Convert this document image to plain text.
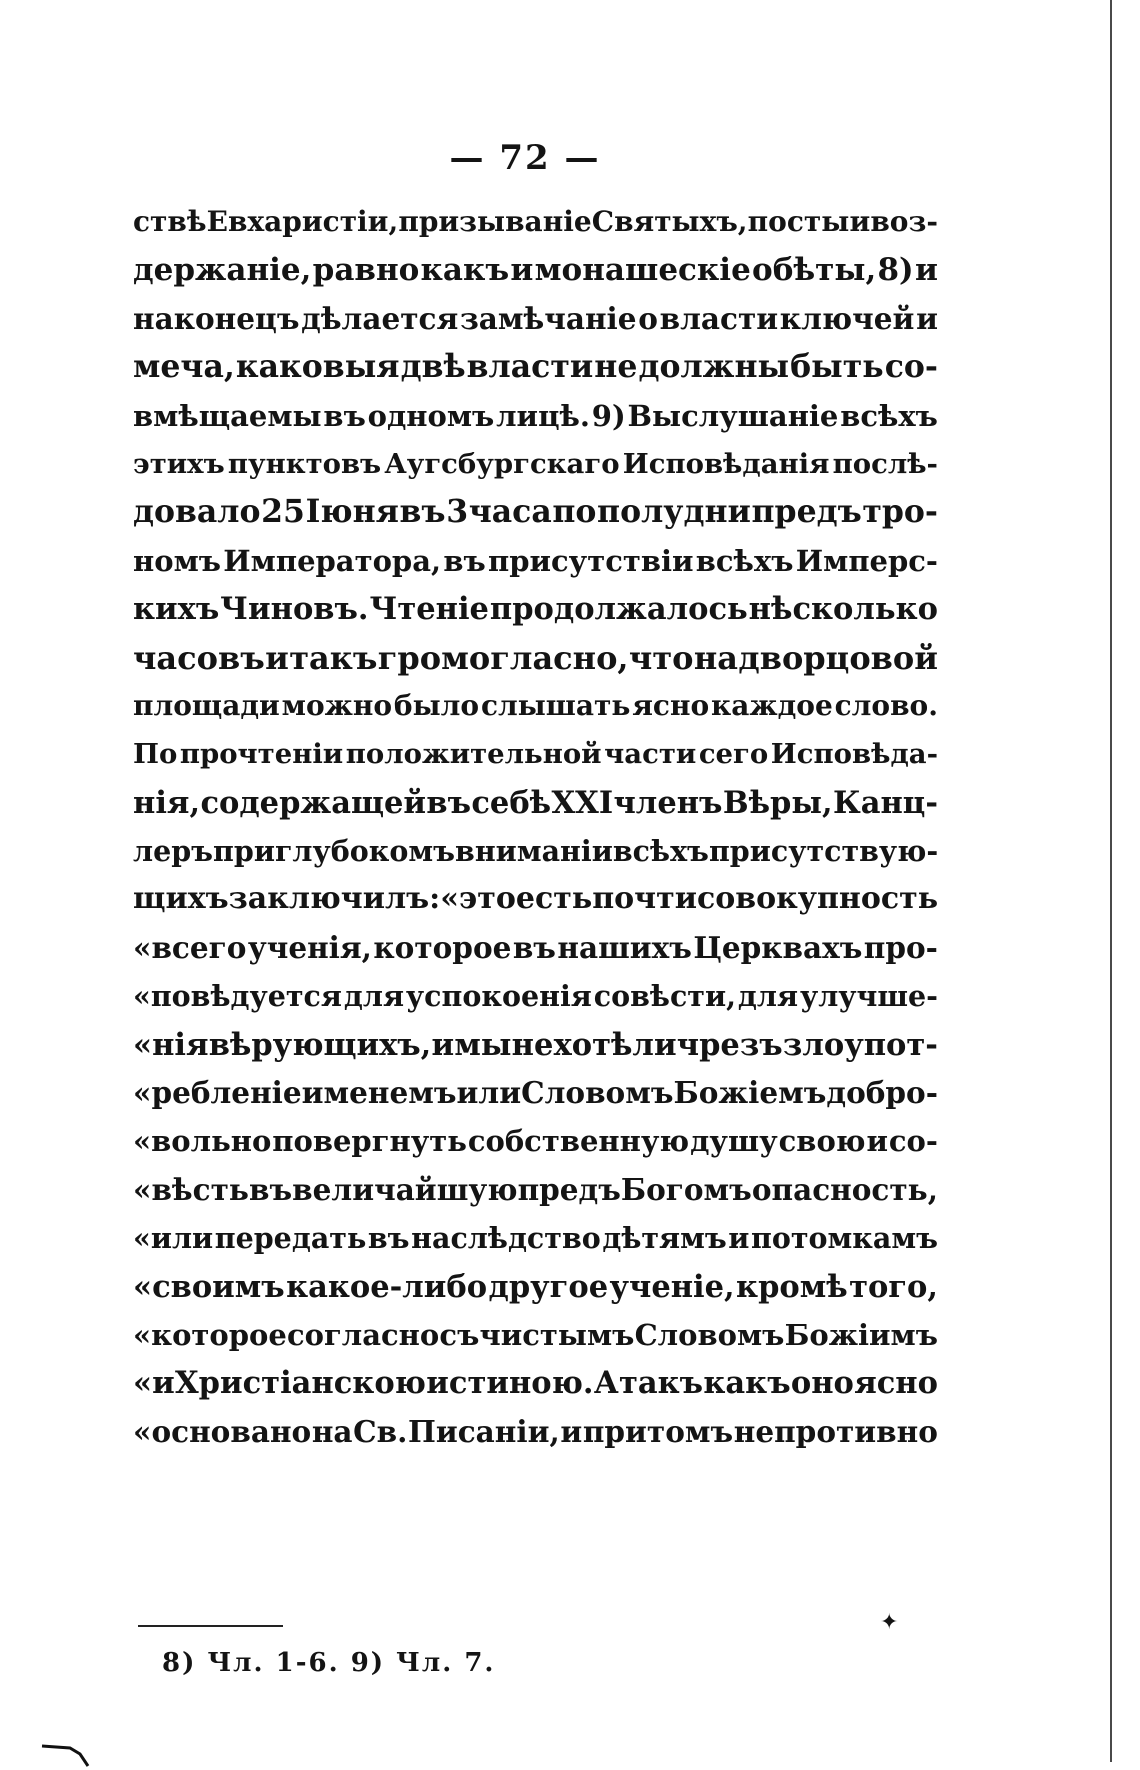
— 72 —
ствѣ Евхаристіи, призываніе Святыхъ, посты и воз-
держаніе, равно какъ и монашескіе обѣты, 8) и
наконецъ дѣлается замѣчаніе о власти ключей и
меча, каковыя двѣ власти не должны быть со-
вмѣщаемы въ одномъ лицѣ. 9) Выслушаніе всѣхъ
этихъ пунктовъ Аугсбургскаго Исповѣданія послѣ-
довало 25 Іюня въ 3 часа по полудни предъ тро-
номъ Императора, въ присутствіи всѣхъ Имперс-
кихъ Чиновъ. Чтеніе продолжалось нѣсколько
часовъ и такъ громогласно, что на дворцовой
площади можно было слышать ясно каждое слово.
По прочтеніи положительной части сего Исповѣда-
нія, содержащей въ себѣ XXI членъ Вѣры, Канц-
леръ при глубокомъ вниманіи всѣхъ присутствую-
щихъ заключилъ: «это есть почти совокупность
«всего ученія, которое въ нашихъ Церквахъ про-
«повѣдуется для успокоенія совѣсти, для улучше-
«нія вѣрующихъ, и мы не хотѣли чрезъ злоупот-
«ребленіе именемъ или Словомъ Божіемъ добро-
«вольно повергнуть собственную душу свою и со-
«вѣсть въ величайшую предъ Богомъ опасность,
«или передать въ наслѣдство дѣтямъ и потомкамъ
«своимъ какое-либо другое ученіе, кромѣ того,
«которое согласно съ чистымъ Словомъ Божіимъ
«и Христіанскою истиною. А такъ какъ оно ясно
«основано на Св. Писаніи, и притомъ непротивно
✦
8) Чл. 1-6. 9) Чл. 7.
